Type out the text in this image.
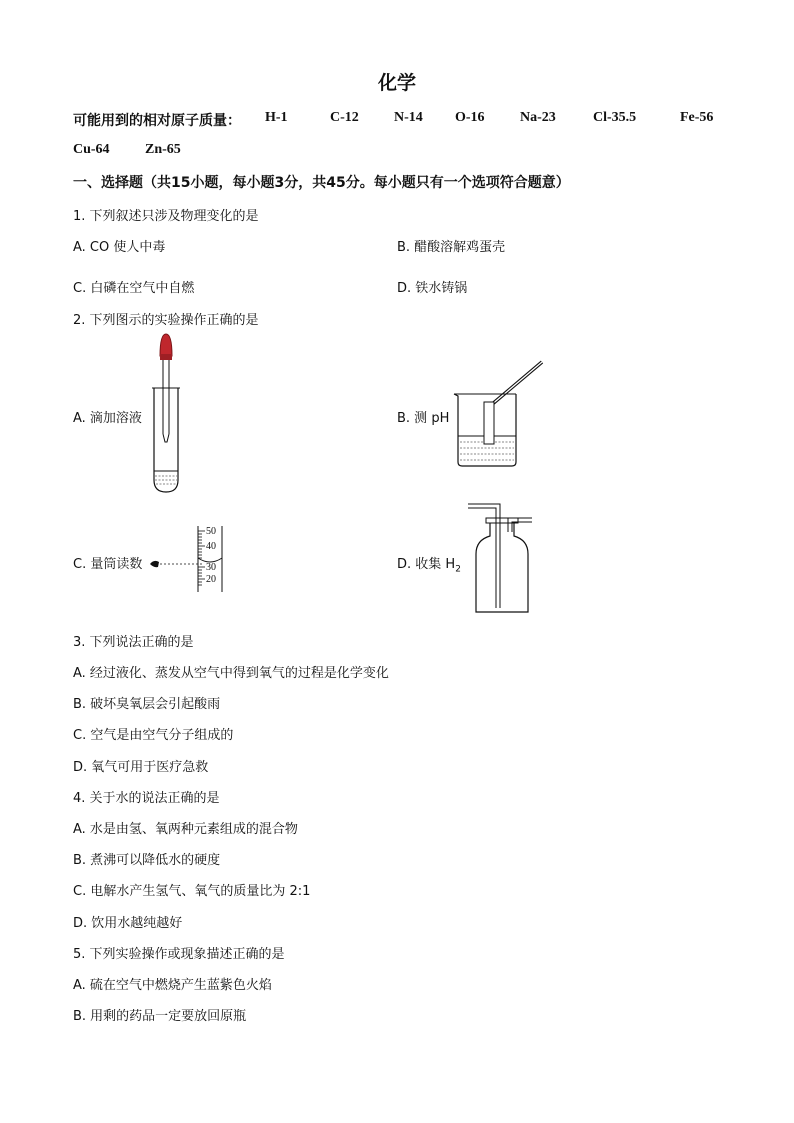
化学
可能用到的相对原子质量： H-1	C-12	N-14 O-16	Na-23	Cl-35.5	Fe-56
Cu-64	Zn-65
一、选择题（共15小题，每小题3分，共45分。每小题只有一个选项符合题意）
1. 下列叙述只涉及物理变化的是
A. CO 使人中毒	B. 醋酸溶解鸡蛋壳
C. 白磷在空气中自燃	D. 铁水铸锅
2. 下列图示的实验操作正确的是
A. 滴加溶液	B. 测 pH
C. 量筒读数
50
40
30
20
D. 收集 $H_2$
3. 下列说法正确的是
A. 经过液化、蒸发从空气中得到氧气的过程是化学变化
B. 破坏臭氧层会引起酸雨
C. 空气是由空气分子组成的
D. 氧气可用于医疗急救
4. 关于水的说法正确的是
A. 水是由氢、氧两种元素组成的混合物
B. 煮沸可以降低水的硬度
C. 电解水产生氢气、氧气的质量比为 2:1
D. 饮用水越纯越好
5. 下列实验操作或现象描述正确的是
A. 硫在空气中燃烧产生蓝紫色火焰
B. 用剩的药品一定要放回原瓶
